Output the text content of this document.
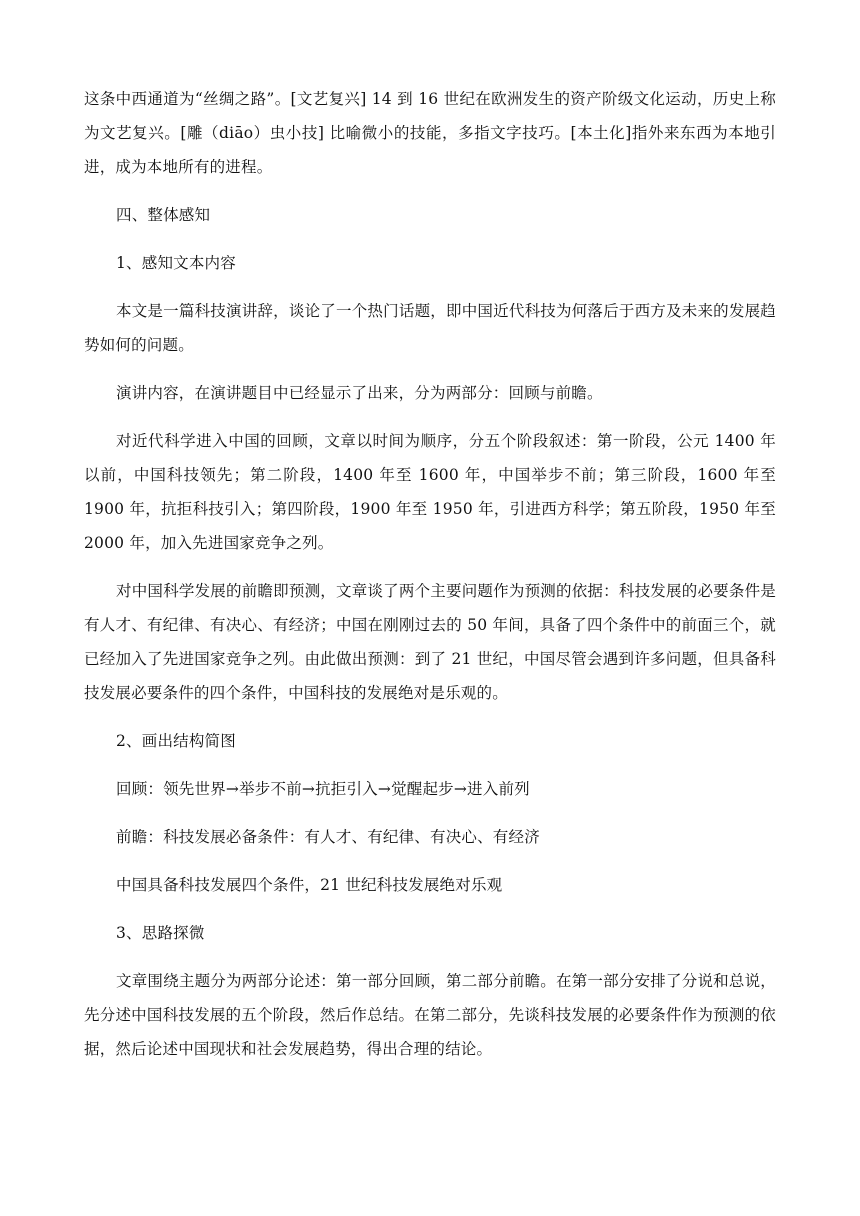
这条中西通道为“丝绸之路”。[文艺复兴] 14 到 16 世纪在欧洲发生的资产阶级文化运动，历史上称为文艺复兴。[雕（diāo）虫小技] 比喻微小的技能，多指文字技巧。[本土化]指外来东西为本地引进，成为本地所有的进程。

四、整体感知

1、感知文本内容

本文是一篇科技演讲辞，谈论了一个热门话题，即中国近代科技为何落后于西方及未来的发展趋势如何的问题。

演讲内容，在演讲题目中已经显示了出来，分为两部分：回顾与前瞻。

对近代科学进入中国的回顾，文章以时间为顺序，分五个阶段叙述：第一阶段，公元 1400 年以前，中国科技领先；第二阶段，1400 年至 1600 年，中国举步不前；第三阶段，1600 年至 1900 年，抗拒科技引入；第四阶段，1900 年至 1950 年，引进西方科学；第五阶段，1950 年至 2000 年，加入先进国家竞争之列。

对中国科学发展的前瞻即预测，文章谈了两个主要问题作为预测的依据：科技发展的必要条件是有人才、有纪律、有决心、有经济；中国在刚刚过去的 50 年间，具备了四个条件中的前面三个，就已经加入了先进国家竞争之列。由此做出预测：到了 21 世纪，中国尽管会遇到许多问题，但具备科技发展必要条件的四个条件，中国科技的发展绝对是乐观的。

2、画出结构简图

回顾：领先世界→举步不前→抗拒引入→觉醒起步→进入前列

前瞻：科技发展必备条件：有人才、有纪律、有决心、有经济

中国具备科技发展四个条件，21 世纪科技发展绝对乐观

3、思路探微

文章围绕主题分为两部分论述：第一部分回顾，第二部分前瞻。在第一部分安排了分说和总说，先分述中国科技发展的五个阶段，然后作总结。在第二部分，先谈科技发展的必要条件作为预测的依据，然后论述中国现状和社会发展趋势，得出合理的结论。
